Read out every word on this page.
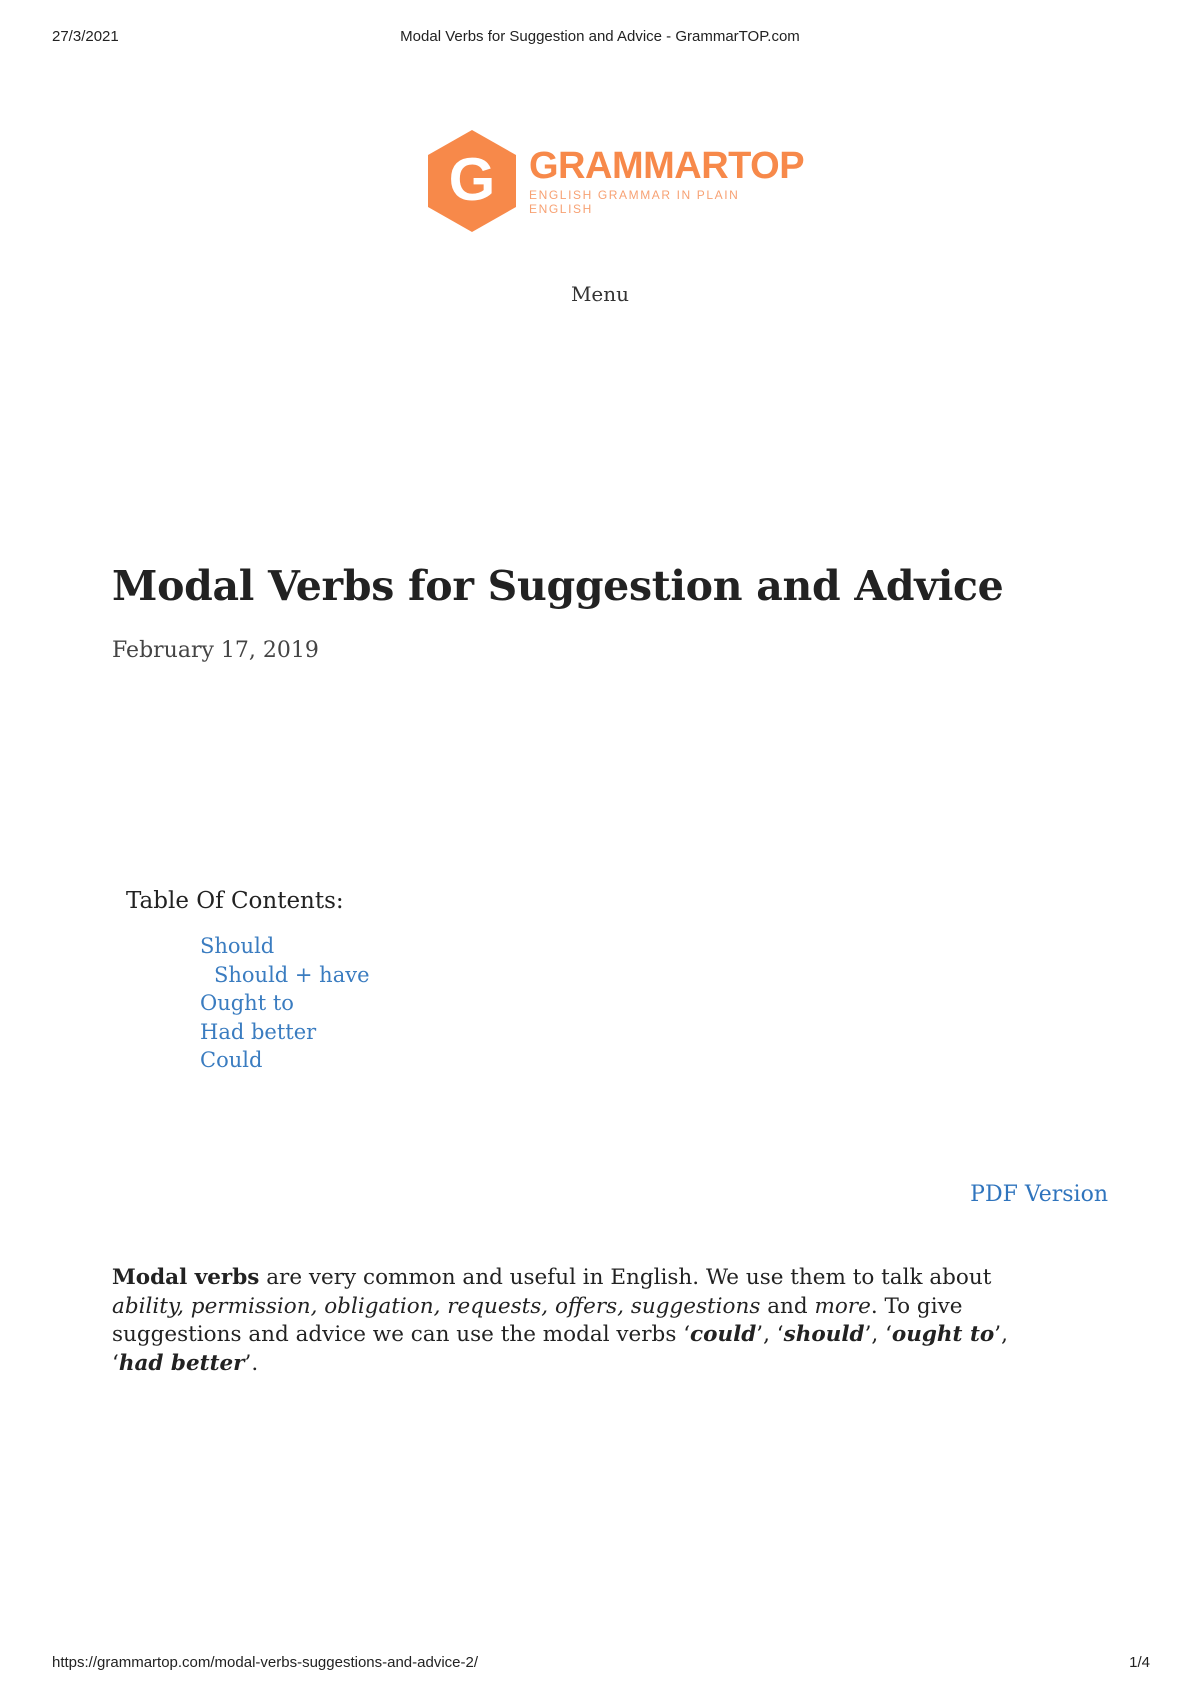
27/3/2021	Modal Verbs for Suggestion and Advice - GrammarTOP.com
G GRAMMARTOP
ENGLISH GRAMMAR IN PLAIN ENGLISH
Menu
Modal Verbs for Suggestion and Advice
February 17, 2019
Table Of Contents:
Should
Should + have
Ought to
Had better
Could
PDF Version

Modal verbs are very common and useful in English. We use them to talk about ability, permission, obligation, requests, offers, suggestions and more. To give suggestions and advice we can use the modal verbs ‘could’, ‘should’, ‘ought to’, ‘had better’.

https://grammartop.com/modal-verbs-suggestions-and-advice-2/	1/4
